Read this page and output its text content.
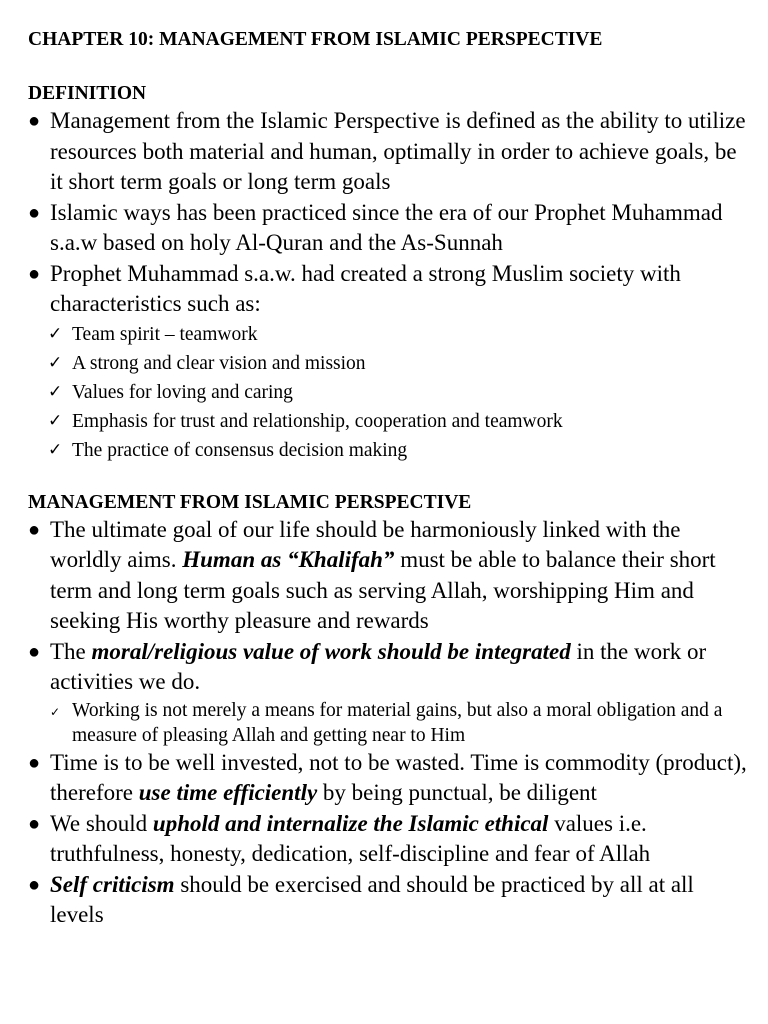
CHAPTER 10: MANAGEMENT FROM ISLAMIC PERSPECTIVE

DEFINITION

● Management from the Islamic Perspective is defined as the ability to utilize resources both material and human, optimally in order to achieve goals, be it short term goals or long term goals
● Islamic ways has been practiced since the era of our Prophet Muhammad s.a.w based on holy Al-Quran and the As-Sunnah
● Prophet Muhammad s.a.w. had created a strong Muslim society with characteristics such as:
✓ Team spirit – teamwork
✓ A strong and clear vision and mission
✓ Values for loving and caring
✓ Emphasis for trust and relationship, cooperation and teamwork
✓ The practice of consensus decision making

MANAGEMENT FROM ISLAMIC PERSPECTIVE

● The ultimate goal of our life should be harmoniously linked with the worldly aims. Human as “Khalifah” must be able to balance their short term and long term goals such as serving Allah, worshipping Him and seeking His worthy pleasure and rewards
● The moral/religious value of work should be integrated in the work or activities we do.
✓ Working is not merely a means for material gains, but also a moral obligation and a measure of pleasing Allah and getting near to Him
● Time is to be well invested, not to be wasted. Time is commodity (product), therefore use time efficiently by being punctual, be diligent
● We should uphold and internalize the Islamic ethical values i.e. truthfulness, honesty, dedication, self-discipline and fear of Allah
● Self criticism should be exercised and should be practiced by all at all levels
